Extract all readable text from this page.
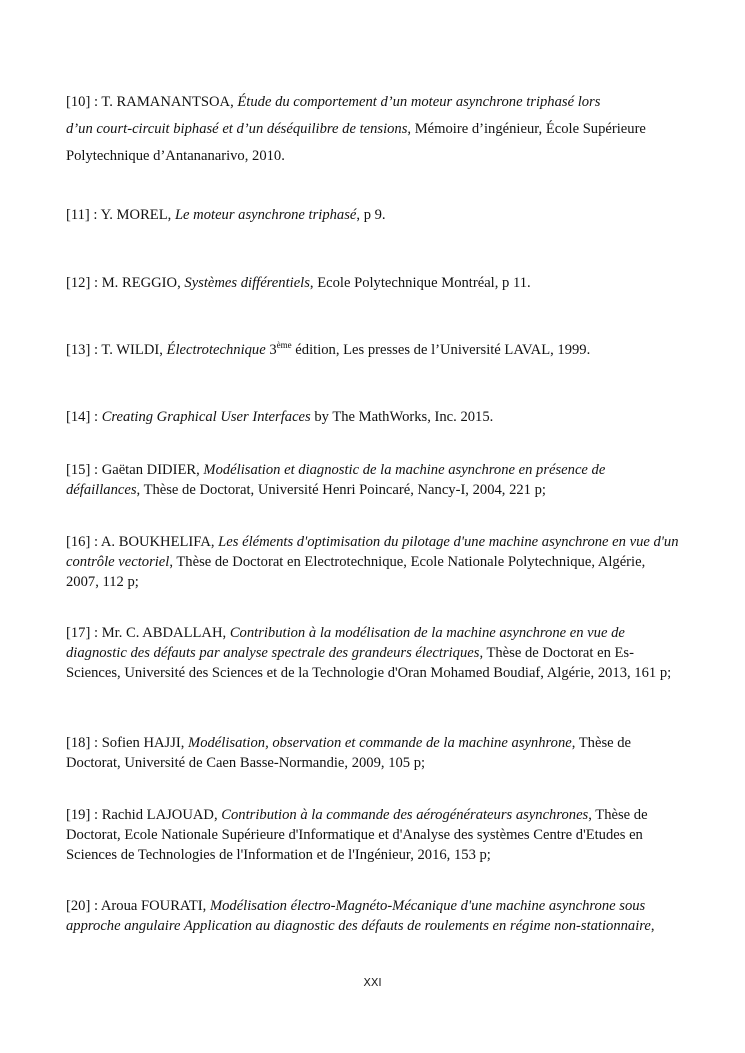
[10] : T. RAMANANTSOA, Étude du comportement d’un moteur asynchrone triphasé lors
d’un court-circuit biphasé et d’un déséquilibre de tensions, Mémoire d’ingénieur, École Supérieure Polytechnique d’Antananarivo, 2010.
[11] : Y. MOREL, Le moteur asynchrone triphasé, p 9.
[12] : M. REGGIO, Systèmes différentiels, Ecole Polytechnique Montréal, p 11.
[13] : T. WILDI, Électrotechnique 3ème édition, Les presses de l’Université LAVAL, 1999.
[14] : Creating Graphical User Interfaces by The MathWorks, Inc. 2015.
[15] : Gaëtan DIDIER, Modélisation et diagnostic de la machine asynchrone en présence de défaillances, Thèse de Doctorat, Université Henri Poincaré, Nancy-I, 2004, 221 p;
[16] : A. BOUKHELIFA, Les éléments d'optimisation du pilotage d'une machine asynchrone en vue d'un contrôle vectoriel, Thèse de Doctorat en Electrotechnique, Ecole Nationale Polytechnique, Algérie, 2007, 112 p;
[17] : Mr. C. ABDALLAH, Contribution à la modélisation de la machine asynchrone en vue de diagnostic des défauts par analyse spectrale des grandeurs électriques, Thèse de Doctorat en Es-Sciences, Université des Sciences et de la Technologie d'Oran Mohamed Boudiaf, Algérie, 2013, 161 p;
[18] : Sofien HAJJI, Modélisation, observation et commande de la machine asynhrone, Thèse de Doctorat, Université de Caen Basse-Normandie, 2009, 105 p;
[19] : Rachid LAJOUAD, Contribution à la commande des aérogénérateurs asynchrones, Thèse de Doctorat, Ecole Nationale Supérieure d'Informatique et d'Analyse des systèmes Centre d'Etudes en Sciences de Technologies de l'Information et de l'Ingénieur, 2016, 153 p;
[20] : Aroua FOURATI, Modélisation électro-Magnéto-Mécanique d'une machine asynchrone sous approche angulaire Application au diagnostic des défauts de roulements en régime non-stationnaire,
XXI
